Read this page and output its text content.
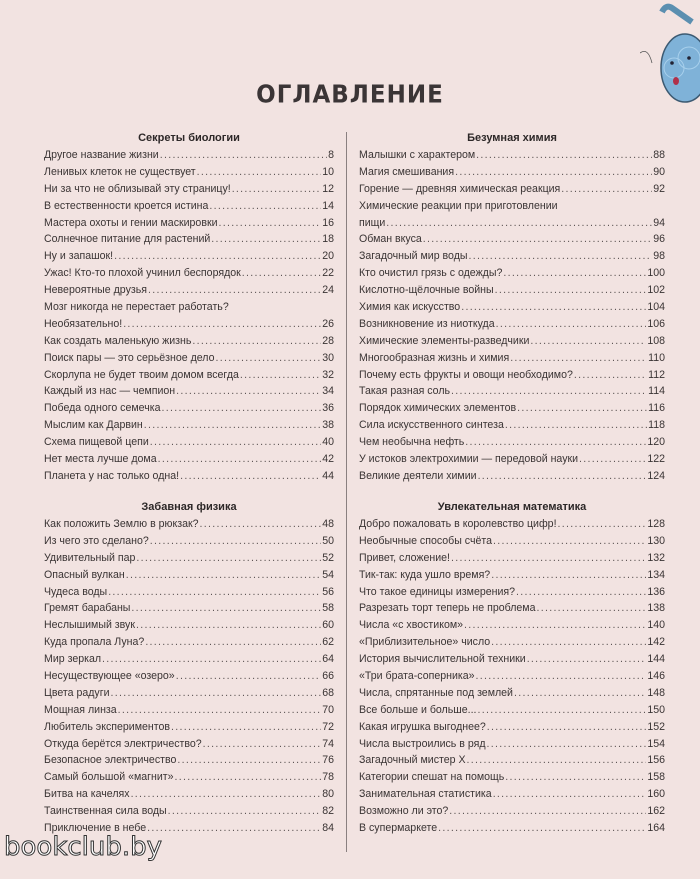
ОГЛАВЛЕНИЕ
Секреты биологии
Другое название жизни .....	8
Ленивых клеток не существует .....	10
Ни за что не облизывай эту страницу! .....	12
В естественности кроется истина .....	14
Мастера охоты и гении маскировки .....	16
Солнечное питание для растений .....	18
Ну и запашок! .....	20
Ужас! Кто-то плохой учинил беспорядок .....	22
Невероятные друзья .....	24
Мозг никогда не перестает работать?
Необязательно! .....	26
Как создать маленькую жизнь .....	28
Поиск пары — это серьёзное дело .....	30
Скорлупа не будет твоим домом всегда .....	32
Каждый из нас — чемпион .....	34
Победа одного семечка .....	36
Мыслим как Дарвин .....	38
Схема пищевой цепи .....	40
Нет места лучше дома .....	42
Планета у нас только одна! .....	44
Забавная физика
Как положить Землю в рюкзак? .....	48
Из чего это сделано? .....	50
Удивительный пар .....	52
Опасный вулкан .....	54
Чудеса воды .....	56
Гремят барабаны .....	58
Неслышимый звук .....	60
Куда пропала Луна? .....	62
Мир зеркал .....	64
Несуществующее «озеро» .....	66
Цвета радуги .....	68
Мощная линза .....	70
Любитель экспериментов .....	72
Откуда берётся электричество? .....	74
Безопасное электричество .....	76
Самый большой «магнит» .....	78
Битва на качелях .....	80
Таинственная сила воды .....	82
Приключение в небе .....	84
Безумная химия
Малышки с характером .....	88
Магия смешивания .....	90
Горение — древняя химическая реакция .....	92
Химические реакции при приготовлении
пищи .....	94
Обман вкуса .....	96
Загадочный мир воды .....	98
Кто очистил грязь с одежды? .....	100
Кислотно-щёлочные войны .....	102
Химия как искусство .....	104
Возникновение из ниоткуда .....	106
Химические элементы-разведчики .....	108
Многообразная жизнь и химия .....	110
Почему есть фрукты и овощи необходимо? .....	112
Такая разная соль .....	114
Порядок химических элементов .....	116
Сила искусственного синтеза .....	118
Чем необычна нефть .....	120
У истоков электрохимии — передовой науки .....	122
Великие деятели химии .....	124
Увлекательная математика
Добро пожаловать в королевство цифр! .....	128
Необычные способы счёта .....	130
Привет, сложение! .....	132
Тик-так: куда ушло время? .....	134
Что такое единицы измерения? .....	136
Разрезать торт теперь не проблема .....	138
Числа «с хвостиком» .....	140
«Приблизительное» число .....	142
История вычислительной техники .....	144
«Три брата-соперника» .....	146
Числа, спрятанные под землей .....	148
Все больше и больше... .....	150
Какая игрушка выгоднее? .....	152
Числа выстроились в ряд .....	154
Загадочный мистер Х .....	156
Категории спешат на помощь .....	158
Занимательная статистика .....	160
Возможно ли это? .....	162
В супермаркете .....	164
bookclub.by
